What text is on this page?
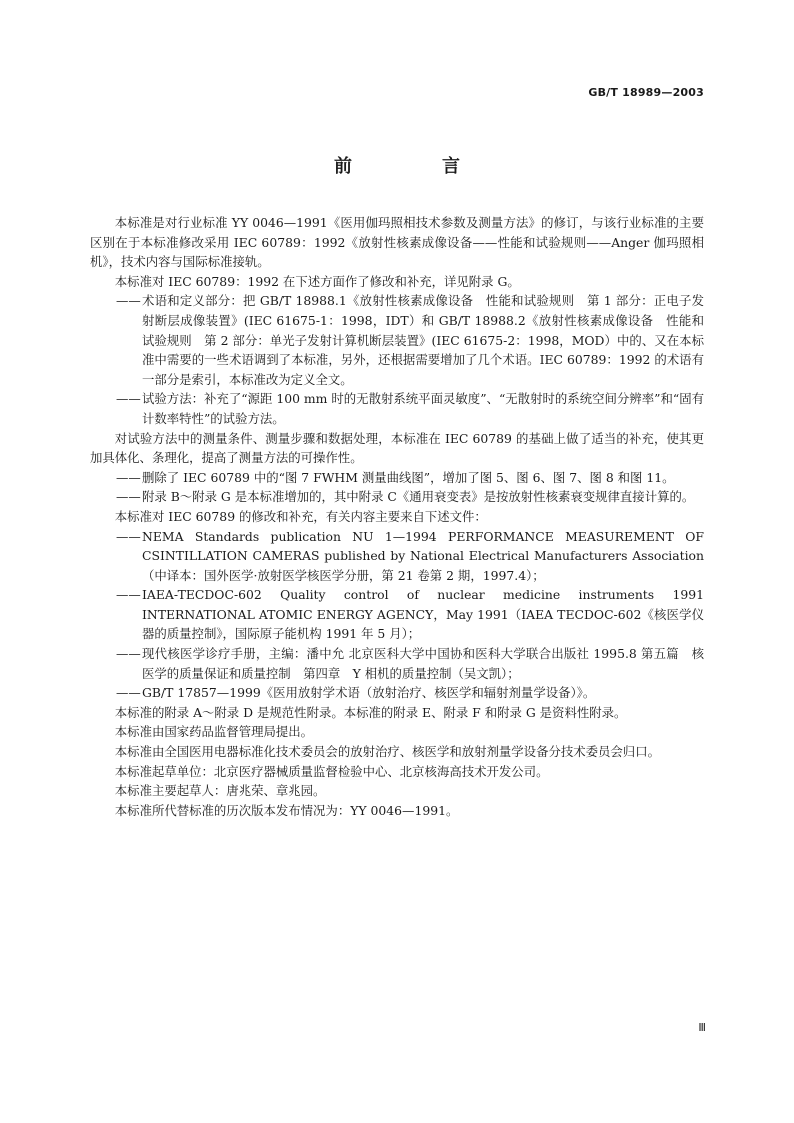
GB/T 18989—2003
前　言

本标准是对行业标准 YY 0046—1991《医用伽玛照相技术参数及测量方法》的修订，与该行业标准的主要区别在于本标准修改采用 IEC 60789：1992《放射性核素成像设备——性能和试验规则——Anger 伽玛照相机》，技术内容与国际标准接轨。

本标准对 IEC 60789：1992 在下述方面作了修改和补充，详见附录 G。

—— 术语和定义部分：把 GB/T 18988.1《放射性核素成像设备　性能和试验规则　第 1 部分：正电子发射断层成像装置》(IEC 61675-1：1998，IDT）和 GB/T 18988.2《放射性核素成像设备　性能和试验规则　第 2 部分：单光子发射计算机断层装置》(IEC 61675-2：1998，MOD）中的、又在本标准中需要的一些术语调到了本标准，另外，还根据需要增加了几个术语。IEC 60789：1992 的术语有一部分是索引，本标准改为定义全文。

—— 试验方法：补充了“源距 100 mm 时的无散射系统平面灵敏度”、“无散射时的系统空间分辨率”和“固有计数率特性”的试验方法。

对试验方法中的测量条件、测量步骤和数据处理，本标准在 IEC 60789 的基础上做了适当的补充，使其更加具体化、条理化，提高了测量方法的可操作性。

—— 删除了 IEC 60789 中的“图 7 FWHM 测量曲线图”，增加了图 5、图 6、图 7、图 8 和图 11。

—— 附录 B～附录 G 是本标准增加的，其中附录 C《通用衰变表》是按放射性核素衰变规律直接计算的。

本标准对 IEC 60789 的修改和补充，有关内容主要来自下述文件：

—— NEMA Standards publication NU 1—1994 PERFORMANCE MEASUREMENT OF CSINTILLATION CAMERAS published by National Electrical Manufacturers Association（中译本：国外医学·放射医学核医学分册，第 21 卷第 2 期，1997.4）；

—— IAEA-TECDOC-602 Quality control of nuclear medicine instruments 1991 INTERNATIONAL ATOMIC ENERGY AGENCY，May 1991（IAEA TECDOC-602《核医学仪器的质量控制》，国际原子能机构 1991 年 5 月）；

—— 现代核医学诊疗手册，主编：潘中允 北京医科大学中国协和医科大学联合出版社 1995.8 第五篇　核医学的质量保证和质量控制　第四章　Y 相机的质量控制（吴文凯）；

—— GB/T 17857—1999《医用放射学术语（放射治疗、核医学和辐射剂量学设备）》。

本标准的附录 A～附录 D 是规范性附录。本标准的附录 E、附录 F 和附录 G 是资料性附录。

本标准由国家药品监督管理局提出。

本标准由全国医用电器标准化技术委员会的放射治疗、核医学和放射剂量学设备分技术委员会归口。

本标准起草单位：北京医疗器械质量监督检验中心、北京核海高技术开发公司。

本标准主要起草人：唐兆荣、章兆园。

本标准所代替标准的历次版本发布情况为：YY 0046—1991。

Ⅲ
